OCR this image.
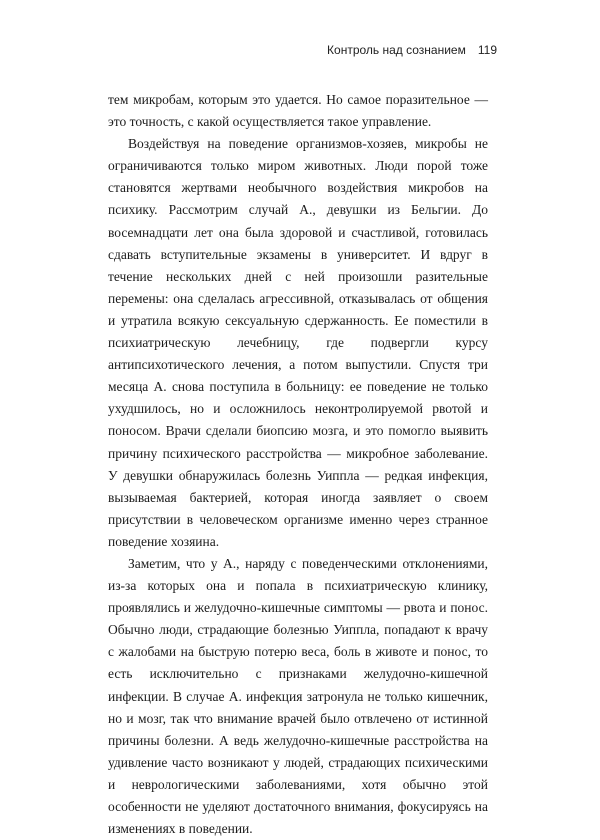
Контроль над сознанием 119

тем микробам, которым это удается. Но самое поразительное — это точность, с какой осуществляется такое управление.

Воздействуя на поведение организмов-хозяев, микробы не ограничиваются только миром животных. Люди порой тоже становятся жертвами необычного воздействия микробов на психику. Рассмотрим случай А., девушки из Бельгии. До восемнадцати лет она была здоровой и счастливой, готовилась сдавать вступительные экзамены в университет. И вдруг в течение нескольких дней с ней произошли разительные перемены: она сделалась агрессивной, отказывалась от общения и утратила всякую сексуальную сдержанность. Ее поместили в психиатрическую лечебницу, где подвергли курсу антипсихотического лечения, а потом выпустили. Спустя три месяца А. снова поступила в больницу: ее поведение не только ухудшилось, но и осложнилось неконтролируемой рвотой и поносом. Врачи сделали биопсию мозга, и это помогло выявить причину психического расстройства — микробное заболевание. У девушки обнаружилась болезнь Уиппла — редкая инфекция, вызываемая бактерией, которая иногда заявляет о своем присутствии в человеческом организме именно через странное поведение хозяина.

Заметим, что у А., наряду с поведенческими отклонениями, из-за которых она и попала в психиатрическую клинику, проявлялись и желудочно-кишечные симптомы — рвота и понос. Обычно люди, страдающие болезнью Уиппла, попадают к врачу с жалобами на быструю потерю веса, боль в животе и понос, то есть исключительно с признаками желудочно-кишечной инфекции. В случае А. инфекция затронула не только кишечник, но и мозг, так что внимание врачей было отвлечено от истинной причины болезни. А ведь желудочно-кишечные расстройства на удивление часто возникают у людей, страдающих психическими и неврологическими заболеваниями, хотя обычно этой особенности не уделяют достаточного внимания, фокусируясь на изменениях в поведении.
